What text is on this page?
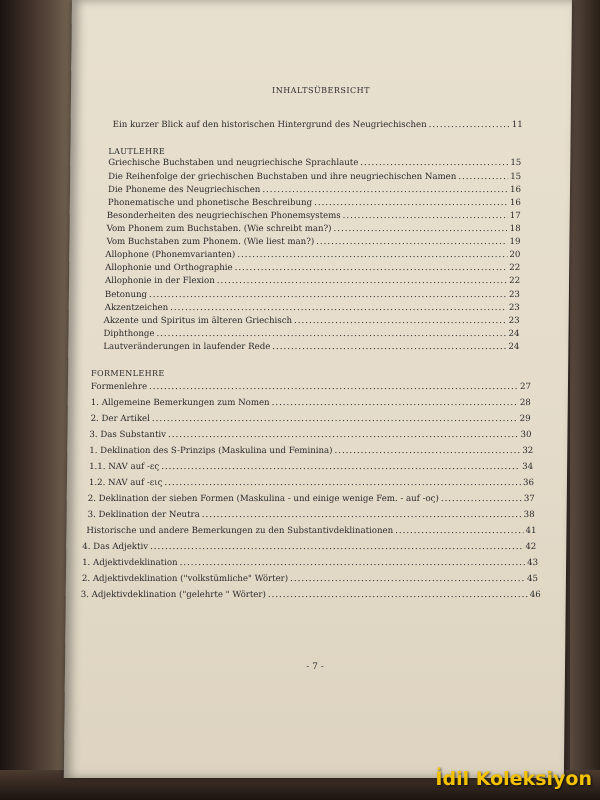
INHALTSÜBERSICHT
Ein kurzer Blick auf den historischen Hintergrund des Neugriechischen .....	11
LAUTLEHRE
Griechische Buchstaben und neugriechische Sprachlaute .....	15
Die Reihenfolge der griechischen Buchstaben und ihre neugriechischen Namen .....	15
Die Phoneme des Neugriechischen .....	16
Phonematische und phonetische Beschreibung .....	16
Besonderheiten des neugriechischen Phonemsystems .....	17
Vom Phonem zum Buchstaben. (Wie schreibt man?) .....	18
Vom Buchstaben zum Phonem. (Wie liest man?) .....	19
Allophone (Phonemvarianten) .....	20
Allophonie und Orthographie .....	22
Allophonie in der Flexion .....	22
Betonung .....	23
Akzentzeichen .....	23
Akzente und Spiritus im älteren Griechisch .....	23
Diphthonge .....	24
Lautveränderungen in laufender Rede .....	24
FORMENLEHRE
Formenlehre .....	27
1. Allgemeine Bemerkungen zum Nomen .....	28
2. Der Artikel .....	29
3. Das Substantiv .....	30
1. Deklination des S-Prinzips (Maskulina und Feminina) .....	32
1.1. NAV auf -ες .....	34
1.2. NAV auf -εις .....	36
2. Deklination der sieben Formen (Maskulina - und einige wenige Fem. - auf -ος) .....	37
3. Deklination der Neutra .....	38
Historische und andere Bemerkungen zu den Substantivdeklinationen .....	41
4. Das Adjektiv .....	42
1. Adjektivdeklination .....	43
2. Adjektivdeklination ("volkstümliche" Wörter) .....	45
3. Adjektivdeklination ("gelehrte " Wörter) .....	46
- 7 -
İdil Koleksiyon
